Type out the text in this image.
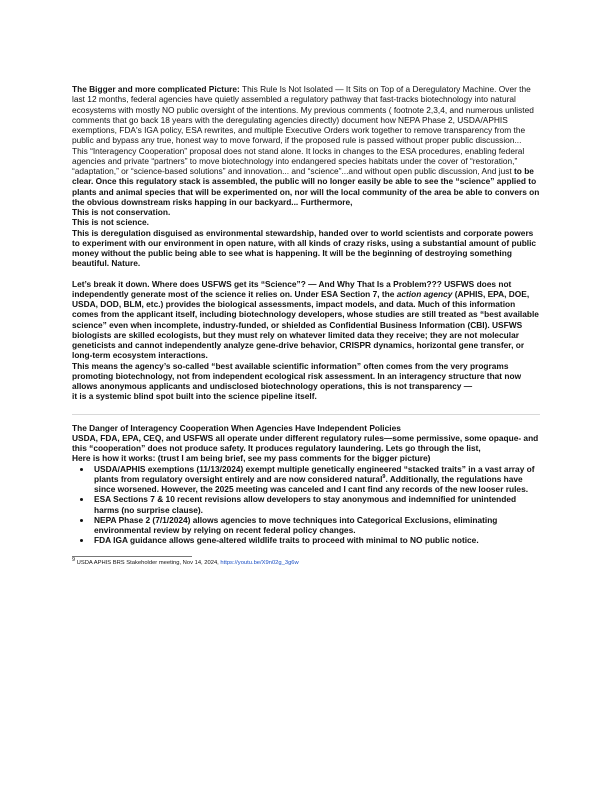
The Bigger and more complicated Picture: This Rule Is Not Isolated — It Sits on Top of a Deregulatory Machine. Over the last 12 months, federal agencies have quietly assembled a regulatory pathway that fast-tracks biotechnology into natural ecosystems with mostly NO public oversight of the intentions. My previous comments ( footnote 2,3,4, and numerous unlisted comments that go back 18 years with the deregulating agencies directly) document how NEPA Phase 2, USDA/APHIS exemptions, FDA's IGA policy, ESA rewrites, and multiple Executive Orders work together to remove transparency from the public and bypass any true, honest way to move forward, if the proposed rule is passed without proper public discussion...

This “Interagency Cooperation” proposal does not stand alone. It locks in changes to the ESA procedures, enabling federal agencies and private “partners” to move biotechnology into endangered species habitats under the cover of “restoration,” “adaptation,” or “science-based solutions” and innovation... and “science”...and without open public discussion, And just to be clear. Once this regulatory stack is assembled, the public will no longer easily be able to see the “science” applied to plants and animal species that will be experimented on, nor will the local community of the area be able to convers on the obvious downstream risks happing in our backyard... Furthermore,

This is not conservation.

This is not science.

This is deregulation disguised as environmental stewardship, handed over to world scientists and corporate powers to experiment with our environment in open nature, with all kinds of crazy risks, using a substantial amount of public money without the public being able to see what is happening. It will be the beginning of destroying something beautiful. Nature.

Let’s break it down. Where does USFWS get its “Science”? — And Why That Is a Problem??? USFWS does not independently generate most of the science it relies on. Under ESA Section 7, the action agency (APHIS, EPA, DOE, USDA, DOD, BLM, etc.) provides the biological assessments, impact models, and data. Much of this information comes from the applicant itself, including biotechnology developers, whose studies are still treated as “best available science” even when incomplete, industry-funded, or shielded as Confidential Business Information (CBI). USFWS biologists are skilled ecologists, but they must rely on whatever limited data they receive; they are not molecular geneticists and cannot independently analyze gene-drive behavior, CRISPR dynamics, horizontal gene transfer, or long-term ecosystem interactions.

This means the agency’s so-called “best available scientific information” often comes from the very programs promoting biotechnology, not from independent ecological risk assessment. In an interagency structure that now allows anonymous applicants and undisclosed biotechnology operations, this is not transparency —

it is a systemic blind spot built into the science pipeline itself.

The Danger of Interagency Cooperation When Agencies Have Independent Policies

USDA, FDA, EPA, CEQ, and USFWS all operate under different regulatory rules—some permissive, some opaque- and this “cooperation” does not produce safety. It produces regulatory laundering. Lets go through the list,

Here is how it works: (trust I am being brief, see my pass comments for the bigger picture)

• USDA/APHIS exemptions (11/13/2024) exempt multiple genetically engineered “stacked traits” in a vast array of plants from regulatory oversight entirely and are now considered natural$^9$. Additionally, the regulations have since worsened. However, the 2025 meeting was canceled and I cant find any records of the new looser rules.
• ESA Sections 7 & 10 recent revisions allow developers to stay anonymous and indemnified for unintended harms (no surprise clause).
• NEPA Phase 2 (7/1/2024) allows agencies to move techniques into Categorical Exclusions, eliminating environmental review by relying on recent federal policy changes.
• FDA IGA guidance allows gene-altered wildlife traits to proceed with minimal to NO public notice.

$^9$ USDA APHIS BRS Stakeholder meeting, Nov 14, 2024, https://youtu.be/X9n02g_3g6w
